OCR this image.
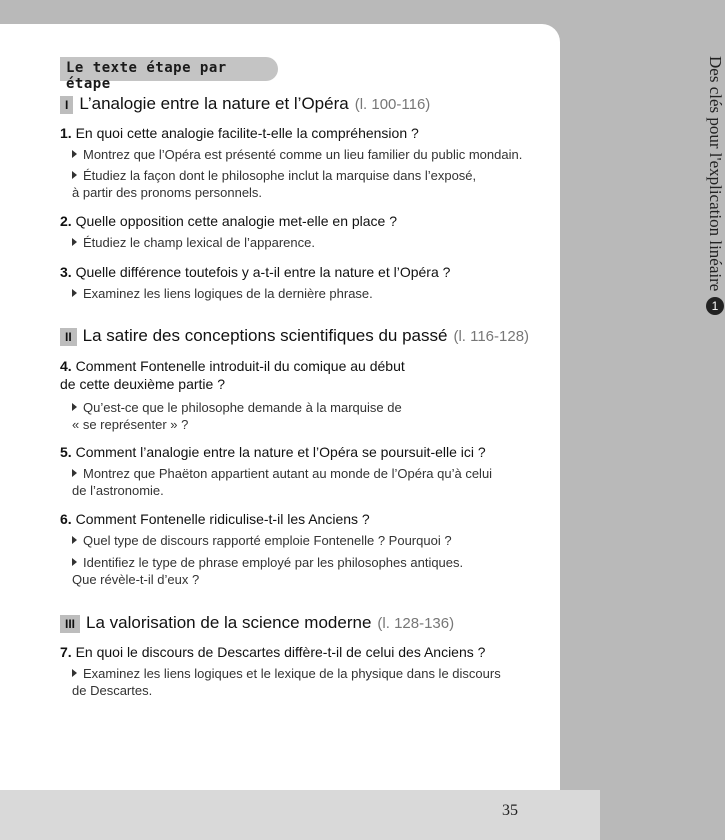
Des clés pour l'explication linéaire
1
Le texte étape par étape
I L’analogie entre la nature et l’Opéra (l. 100-116)
1. En quoi cette analogie facilite-t-elle la compréhension ?
Montrez que l’Opéra est présenté comme un lieu familier du public mondain.
Étudiez la façon dont le philosophe inclut la marquise dans l’exposé,
à partir des pronoms personnels.
2. Quelle opposition cette analogie met-elle en place ?
Étudiez le champ lexical de l’apparence.
3. Quelle différence toutefois y a-t-il entre la nature et l’Opéra ?
Examinez les liens logiques de la dernière phrase.
II La satire des conceptions scientifiques du passé (l. 116-128)
4. Comment Fontenelle introduit-il du comique au début
de cette deuxième partie ?
Qu’est-ce que le philosophe demande à la marquise de
« se représenter » ?
5. Comment l’analogie entre la nature et l’Opéra se poursuit-elle ici ?
Montrez que Phaëton appartient autant au monde de l’Opéra qu’à celui
de l’astronomie.
6. Comment Fontenelle ridiculise-t-il les Anciens ?
Quel type de discours rapporté emploie Fontenelle ? Pourquoi ?
Identifiez le type de phrase employé par les philosophes antiques.
Que révèle-t-il d’eux ?
III La valorisation de la science moderne (l. 128-136)
7. En quoi le discours de Descartes diffère-t-il de celui des Anciens ?
Examinez les liens logiques et le lexique de la physique dans le discours
de Descartes.
35
